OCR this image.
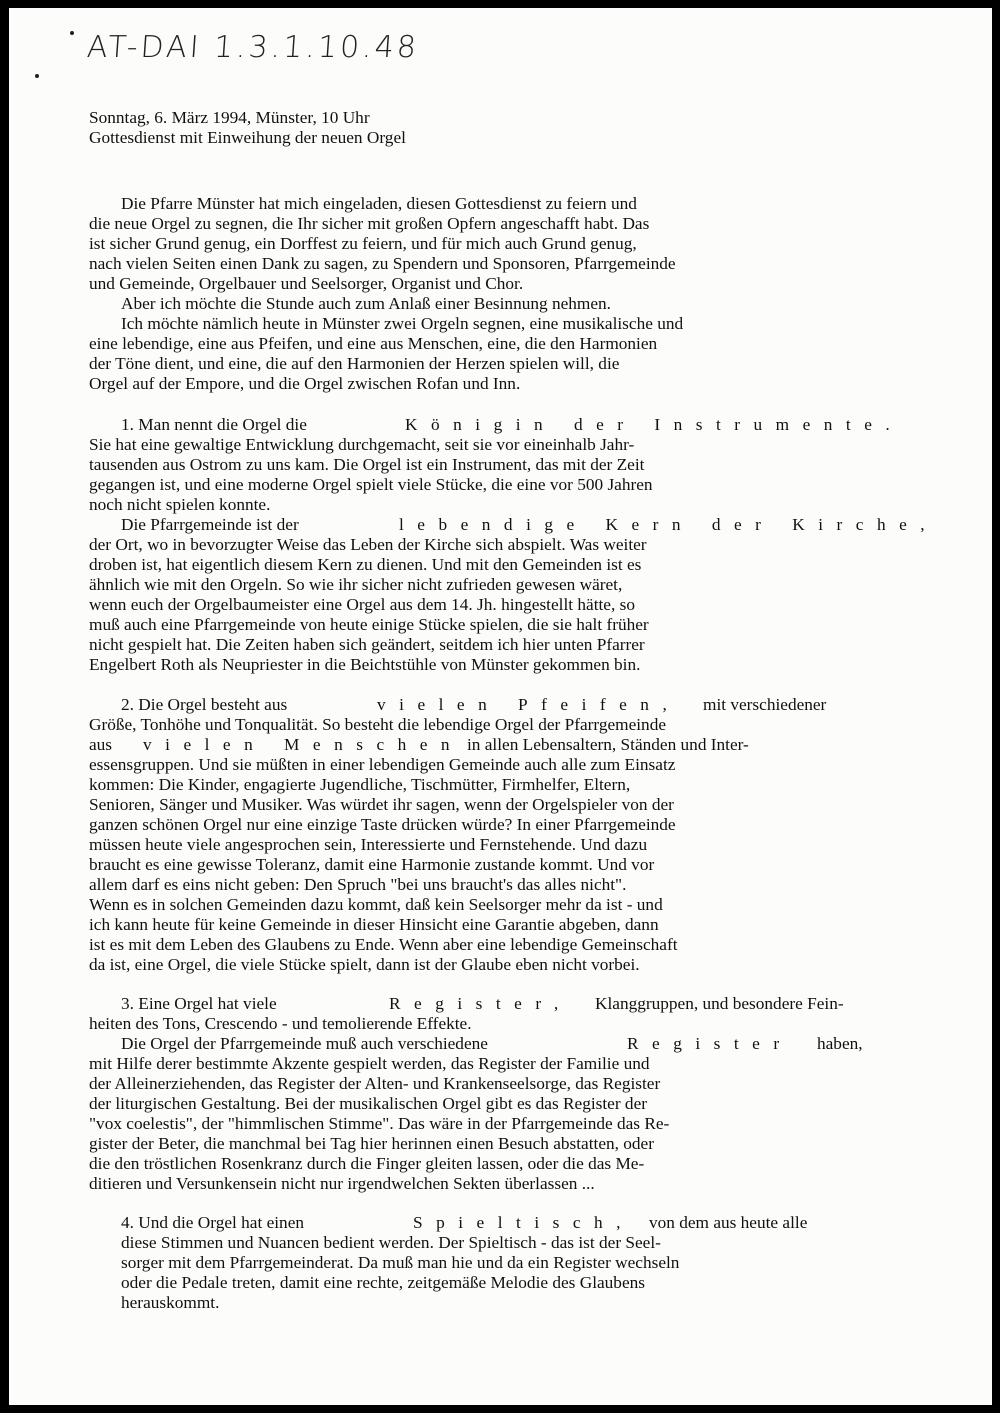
AT-DAI 1.3.1.10.48
Sonntag, 6. März 1994, Münster, 10 Uhr
Gottesdienst mit Einweihung der neuen Orgel
Die Pfarre Münster hat mich eingeladen, diesen Gottesdienst zu feiern und
die neue Orgel zu segnen, die Ihr sicher mit großen Opfern angeschafft habt. Das
ist sicher Grund genug, ein Dorffest zu feiern, und für mich auch Grund genug,
nach vielen Seiten einen Dank zu sagen, zu Spendern und Sponsoren, Pfarrgemeinde
und Gemeinde, Orgelbauer und Seelsorger, Organist und Chor.
Aber ich möchte die Stunde auch zum Anlaß einer Besinnung nehmen.
Ich möchte nämlich heute in Münster zwei Orgeln segnen, eine musikalische und
eine lebendige, eine aus Pfeifen, und eine aus Menschen, eine, die den Harmonien
der Töne dient, und eine, die auf den Harmonien der Herzen spielen will, die
Orgel auf der Empore, und die Orgel zwischen Rofan und Inn.
1. Man nennt die Orgel die	Königin der Instrumente.
Sie hat eine gewaltige Entwicklung durchgemacht, seit sie vor eineinhalb Jahr-
tausenden aus Ostrom zu uns kam. Die Orgel ist ein Instrument, das mit der Zeit
gegangen ist, und eine moderne Orgel spielt viele Stücke, die eine vor 500 Jahren
noch nicht spielen konnte.
Die Pfarrgemeinde ist der	lebendige Kern der Kirche,
der Ort, wo in bevorzugter Weise das Leben der Kirche sich abspielt. Was weiter
droben ist, hat eigentlich diesem Kern zu dienen. Und mit den Gemeinden ist es
ähnlich wie mit den Orgeln. So wie ihr sicher nicht zufrieden gewesen wäret,
wenn euch der Orgelbaumeister eine Orgel aus dem 14. Jh. hingestellt hätte, so
muß auch eine Pfarrgemeinde von heute einige Stücke spielen, die sie halt früher
nicht gespielt hat. Die Zeiten haben sich geändert, seitdem ich hier unten Pfarrer
Engelbert Roth als Neupriester in die Beichtstühle von Münster gekommen bin.
2. Die Orgel besteht aus	vielen Pfeifen, mit verschiedener
Größe, Tonhöhe und Tonqualität. So besteht die lebendige Orgel der Pfarrgemeinde
aus vielen Menschen in allen Lebensaltern, Ständen und Inter-
essensgruppen. Und sie müßten in einer lebendigen Gemeinde auch alle zum Einsatz
kommen: Die Kinder, engagierte Jugendliche, Tischmütter, Firmhelfer, Eltern,
Senioren, Sänger und Musiker. Was würdet ihr sagen, wenn der Orgelspieler von der
ganzen schönen Orgel nur eine einzige Taste drücken würde? In einer Pfarrgemeinde
müssen heute viele angesprochen sein, Interessierte und Fernstehende. Und dazu
braucht es eine gewisse Toleranz, damit eine Harmonie zustande kommt. Und vor
allem darf es eins nicht geben: Den Spruch "bei uns braucht's das alles nicht".
Wenn es in solchen Gemeinden dazu kommt, daß kein Seelsorger mehr da ist - und
ich kann heute für keine Gemeinde in dieser Hinsicht eine Garantie abgeben, dann
ist es mit dem Leben des Glaubens zu Ende. Wenn aber eine lebendige Gemeinschaft
da ist, eine Orgel, die viele Stücke spielt, dann ist der Glaube eben nicht vorbei.
3. Eine Orgel hat viele	Register, Klanggruppen, und besondere Fein-
heiten des Tons, Crescendo - und temolierende Effekte.
Die Orgel der Pfarrgemeinde muß auch verschiedene	Register haben,
mit Hilfe derer bestimmte Akzente gespielt werden, das Register der Familie und
der Alleinerziehenden, das Register der Alten- und Krankenseelsorge, das Register
der liturgischen Gestaltung. Bei der musikalischen Orgel gibt es das Register der
"vox coelestis", der "himmlischen Stimme". Das wäre in der Pfarrgemeinde das Re-
gister der Beter, die manchmal bei Tag hier herinnen einen Besuch abstatten, oder
die den tröstlichen Rosenkranz durch die Finger gleiten lassen, oder die das Me-
ditieren und Versunkensein nicht nur irgendwelchen Sekten überlassen ...
4. Und die Orgel hat einen	Spieltisch, von dem aus heute alle
diese Stimmen und Nuancen bedient werden. Der Spieltisch - das ist der Seel-
sorger mit dem Pfarrgemeinderat. Da muß man hie und da ein Register wechseln
oder die Pedale treten, damit eine rechte, zeitgemäße Melodie des Glaubens
herauskommt.
